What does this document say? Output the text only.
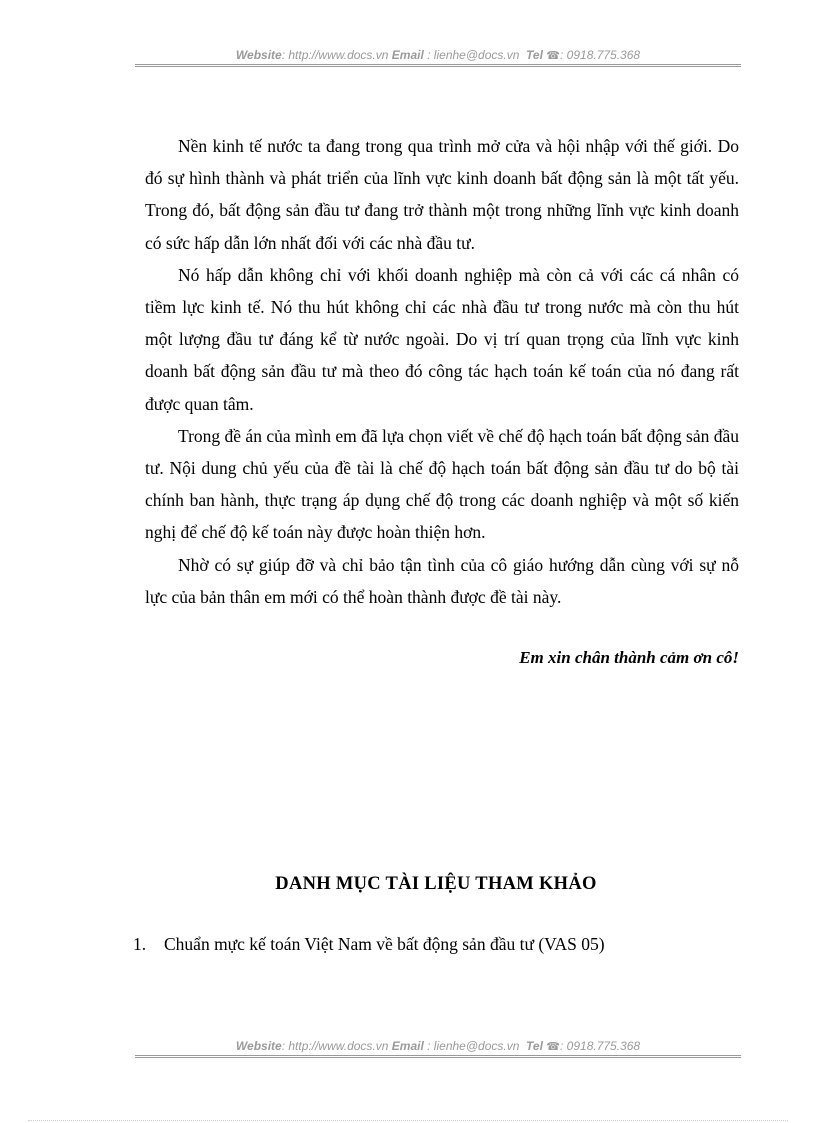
Website: http://www.docs.vn Email : lienhe@docs.vn Tel ☎: 0918.775.368

Nền kinh tế nước ta đang trong qua trình mở cửa và hội nhập với thế giới. Do đó sự hình thành và phát triển của lĩnh vực kinh doanh bất động sản là một tất yếu. Trong đó, bất động sản đầu tư đang trở thành một trong những lĩnh vực kinh doanh có sức hấp dẫn lớn nhất đối với các nhà đầu tư.

Nó hấp dẫn không chỉ với khối doanh nghiệp mà còn cả với các cá nhân có tiềm lực kinh tế. Nó thu hút không chỉ các nhà đầu tư trong nước mà còn thu hút một lượng đầu tư đáng kể từ nước ngoài. Do vị trí quan trọng của lĩnh vực kinh doanh bất động sản đầu tư mà theo đó công tác hạch toán kế toán của nó đang rất được quan tâm.

Trong đề án của mình em đã lựa chọn viết về chế độ hạch toán bất động sản đầu tư. Nội dung chủ yếu của đề tài là chế độ hạch toán bất động sản đầu tư do bộ tài chính ban hành, thực trạng áp dụng chế độ trong các doanh nghiệp và một số kiến nghị để chế độ kế toán này được hoàn thiện hơn.

Nhờ có sự giúp đỡ và chỉ bảo tận tình của cô giáo hướng dẫn cùng với sự nỗ lực của bản thân em mới có thể hoàn thành được đề tài này.

Em xin chân thành cảm ơn cô!
DANH MỤC TÀI LIỆU THAM KHẢO
1. Chuẩn mực kế toán Việt Nam về bất động sản đầu tư (VAS 05)
Website: http://www.docs.vn Email : lienhe@docs.vn Tel ☎: 0918.775.368
